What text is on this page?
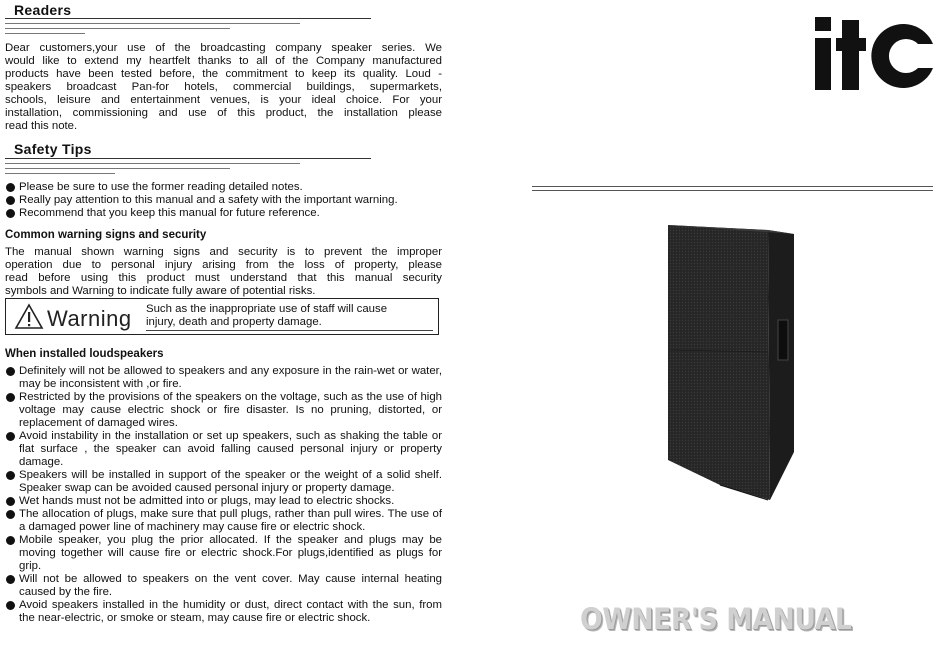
Readers
Dear customers,your use of the broadcasting company speaker series. We
would like to extend my heartfelt thanks to all of the Company manufactured
products have been tested before, the commitment to keep its quality. Loud -
speakers broadcast Pan-for hotels, commercial buildings, supermarkets,
schools, leisure and entertainment venues, is your ideal choice. For your
installation, commissioning and use of this product, the installation please
read this note.
Safety Tips
Please be sure to use the former reading detailed notes.
Really pay attention to this manual and a safety with the important warning.
Recommend that you keep this manual for future reference.
Common warning signs and security
The manual shown warning signs and security is to prevent the improper
operation due to personal injury arising from the loss of property, please
read before using this product must understand that this manual security
symbols and Warning to indicate fully aware of potential risks.
Warning Such as the inappropriate use of staff will cause
injury, death and property damage.
When installed loudspeakers
Definitely will not be allowed to speakers and any exposure in the rain-wet or water, may be inconsistent with ,or fire.
Restricted by the provisions of the speakers on the voltage, such as the use of high voltage may cause electric shock or fire disaster. Is no pruning, distorted, or replacement of damaged wires.
Avoid instability in the installation or set up speakers, such as shaking the table or flat surface , the speaker can avoid falling caused personal injury or property damage.
Speakers will be installed in support of the speaker or the weight of a solid shelf. Speaker swap can be avoided caused personal injury or property damage.
Wet hands must not be admitted into or plugs, may lead to electric shocks.
The allocation of plugs, make sure that pull plugs, rather than pull wires. The use of a damaged power line of machinery may cause fire or electric shock.
Mobile speaker, you plug the prior allocated. If the speaker and plugs may be moving together will cause fire or electric shock.For plugs,identified as plugs for grip.
Will not be allowed to speakers on the vent cover. May cause internal heating caused by the fire.
Avoid speakers installed in the humidity or dust, direct contact with the sun, from the near-electric, or smoke or steam, may cause fire or electric shock.
itC
OWNER'S MANUAL
